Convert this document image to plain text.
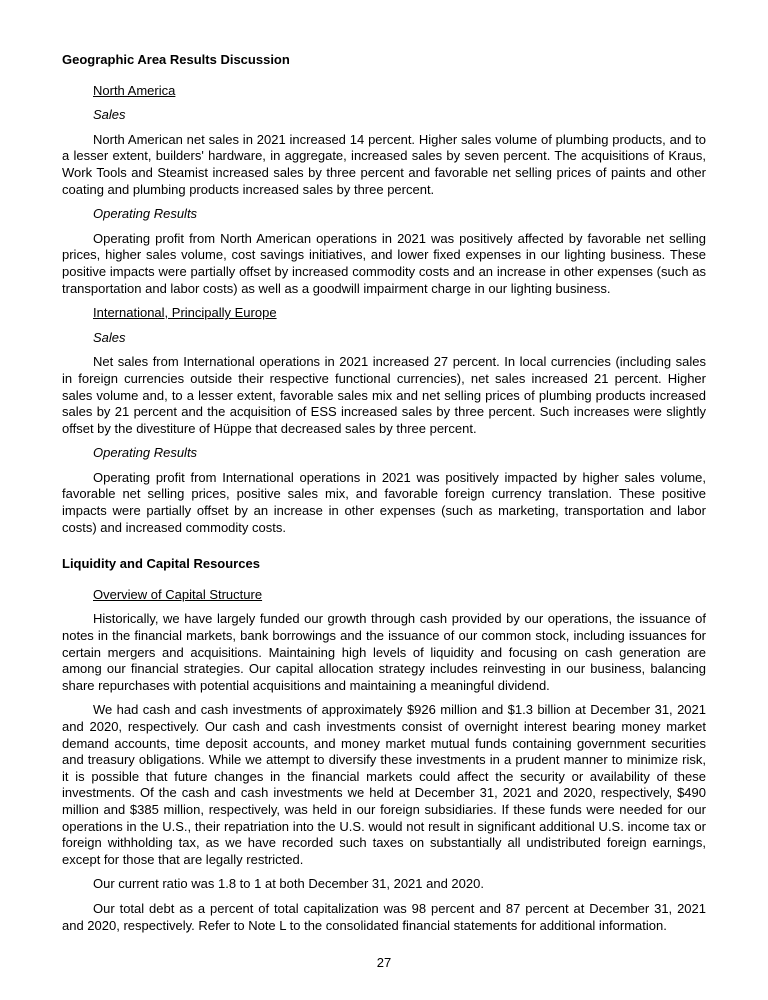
Geographic Area Results Discussion
North America
Sales

North American net sales in 2021 increased 14 percent. Higher sales volume of plumbing products, and to a lesser extent, builders' hardware, in aggregate, increased sales by seven percent. The acquisitions of Kraus, Work Tools and Steamist increased sales by three percent and favorable net selling prices of paints and other coating and plumbing products increased sales by three percent.

Operating Results

Operating profit from North American operations in 2021 was positively affected by favorable net selling prices, higher sales volume, cost savings initiatives, and lower fixed expenses in our lighting business. These positive impacts were partially offset by increased commodity costs and an increase in other expenses (such as transportation and labor costs) as well as a goodwill impairment charge in our lighting business.

International, Principally Europe
Sales

Net sales from International operations in 2021 increased 27 percent. In local currencies (including sales in foreign currencies outside their respective functional currencies), net sales increased 21 percent. Higher sales volume and, to a lesser extent, favorable sales mix and net selling prices of plumbing products increased sales by 21 percent and the acquisition of ESS increased sales by three percent. Such increases were slightly offset by the divestiture of Hüppe that decreased sales by three percent.

Operating Results

Operating profit from International operations in 2021 was positively impacted by higher sales volume, favorable net selling prices, positive sales mix, and favorable foreign currency translation. These positive impacts were partially offset by an increase in other expenses (such as marketing, transportation and labor costs) and increased commodity costs.

Liquidity and Capital Resources
Overview of Capital Structure

Historically, we have largely funded our growth through cash provided by our operations, the issuance of notes in the financial markets, bank borrowings and the issuance of our common stock, including issuances for certain mergers and acquisitions. Maintaining high levels of liquidity and focusing on cash generation are among our financial strategies. Our capital allocation strategy includes reinvesting in our business, balancing share repurchases with potential acquisitions and maintaining a meaningful dividend.

We had cash and cash investments of approximately $926 million and $1.3 billion at December 31, 2021 and 2020, respectively. Our cash and cash investments consist of overnight interest bearing money market demand accounts, time deposit accounts, and money market mutual funds containing government securities and treasury obligations. While we attempt to diversify these investments in a prudent manner to minimize risk, it is possible that future changes in the financial markets could affect the security or availability of these investments. Of the cash and cash investments we held at December 31, 2021 and 2020, respectively, $490 million and $385 million, respectively, was held in our foreign subsidiaries. If these funds were needed for our operations in the U.S., their repatriation into the U.S. would not result in significant additional U.S. income tax or foreign withholding tax, as we have recorded such taxes on substantially all undistributed foreign earnings, except for those that are legally restricted.

Our current ratio was 1.8 to 1 at both December 31, 2021 and 2020.

Our total debt as a percent of total capitalization was 98 percent and 87 percent at December 31, 2021 and 2020, respectively. Refer to Note L to the consolidated financial statements for additional information.

27
